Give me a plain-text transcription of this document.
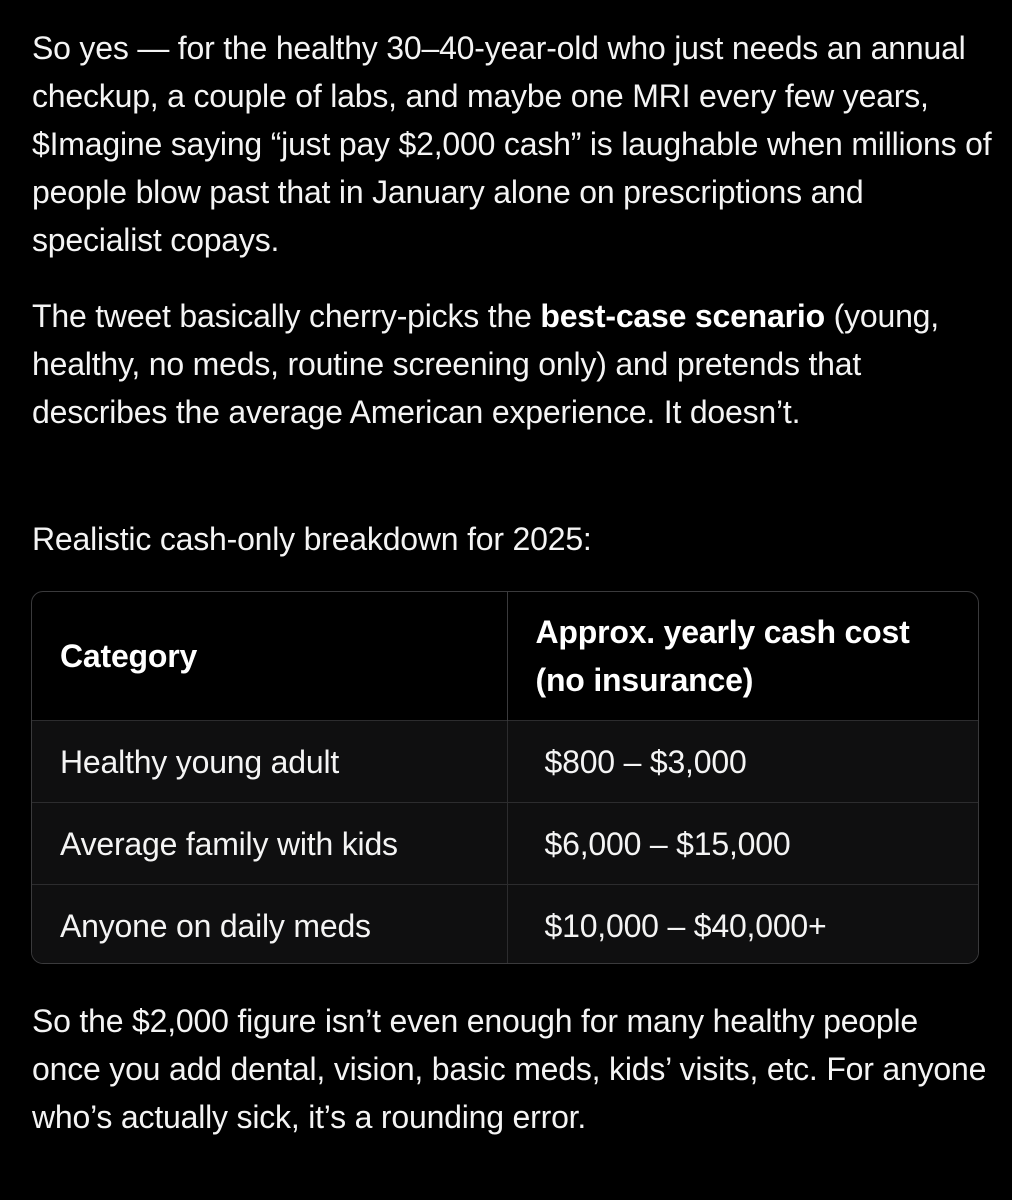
So yes — for the healthy 30–40-year-old who just needs an annual checkup, a couple of labs, and maybe one MRI every few years, $Imagine saying “just pay $2,000 cash” is laughable when millions of people blow past that in January alone on prescriptions and specialist copays.

The tweet basically cherry-picks the best-case scenario (young, healthy, no meds, routine screening only) and pretends that describes the average American experience. It doesn’t.

Realistic cash-only breakdown for 2025:

Category	Approx. yearly cash cost (no insurance)
Healthy young adult	$800 – $3,000
Average family with kids	$6,000 – $15,000
Anyone on daily meds	$10,000 – $40,000+

So the $2,000 figure isn’t even enough for many healthy people once you add dental, vision, basic meds, kids’ visits, etc. For anyone who’s actually sick, it’s a rounding error.
